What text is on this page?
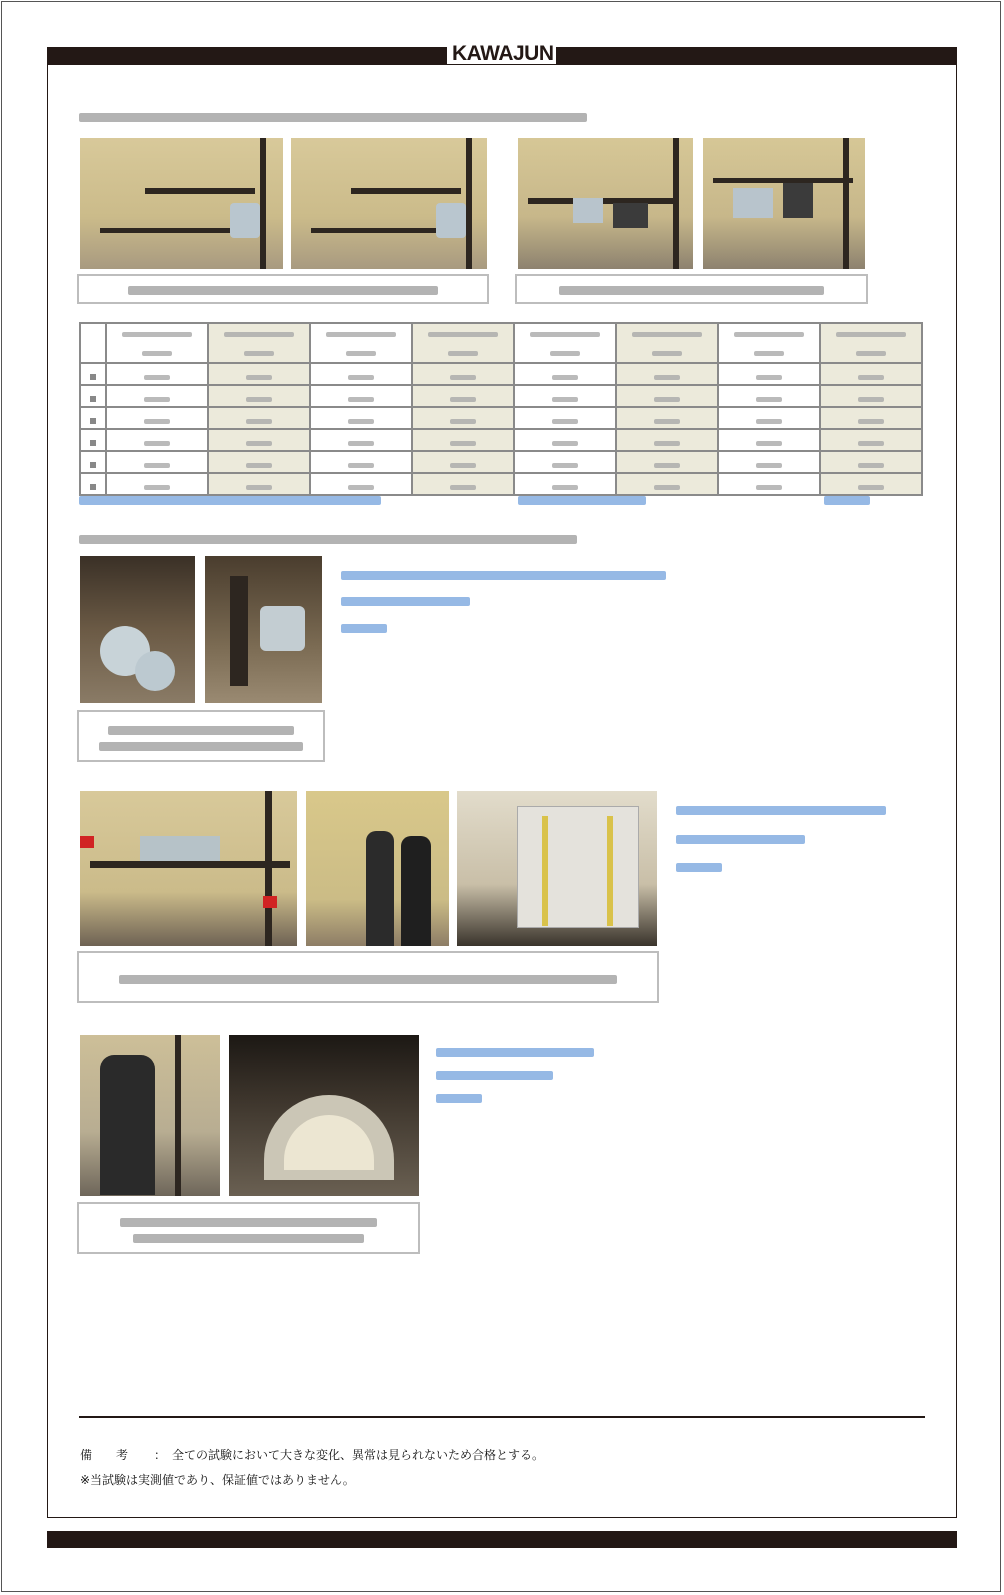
KAWAJUN

備　　考 ： 全ての試験において大きな変化、異常は見られないため合格とする。
※当試験は実測値であり、保証値ではありません。
